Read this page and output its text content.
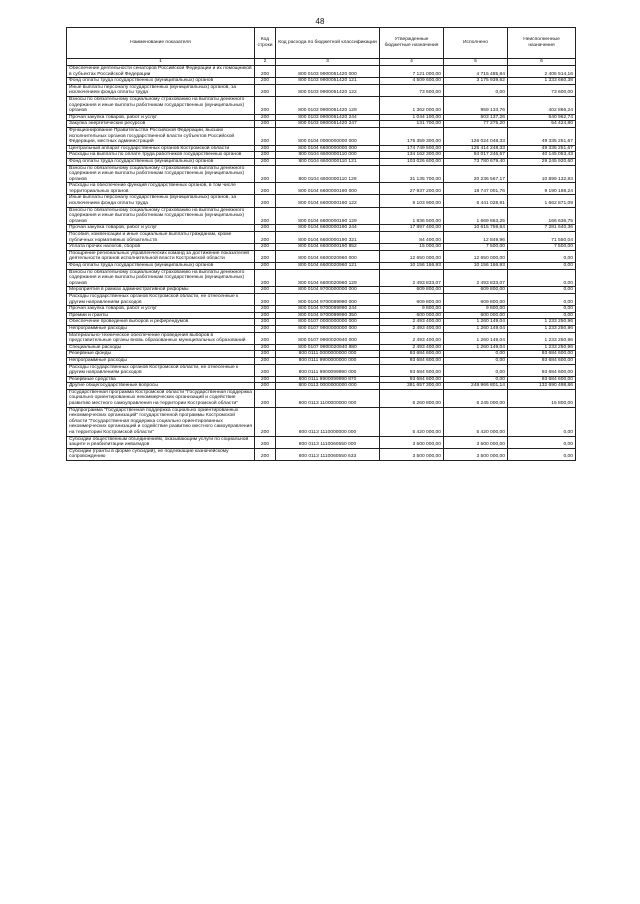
48
Наименование показателя	Код строки	Код расхода по бюджетной классификации	Утвержденные бюджетные назначения	Исполнено	Неисполненные назначения
1	2	3	4	5	6
Обеспечение деятельности сенаторов Российской Федерации и их помощников в субъектах Российской Федерации	200	800 0103 9900051420 000	7 121 000,00	4 715 485,84	2 405 514,16
Фонд оплаты труда государственных (муниципальных) органов	200	800 0103 9900051420 121	4 509 600,00	3 175 939,62	1 333 660,38
Иные выплаты персоналу государственных (муниципальных) органов, за исключением фонда оплаты труда	200	800 0103 9900051420 122	73 600,00	0,00	73 600,00
Взносы по обязательному социальному страхованию на выплаты денежного содержания и иные выплаты работникам государственных (муниципальных) органов	200	800 0103 9900051420 129	1 362 000,00	959 133,76	402 866,24
Прочая закупка товаров, работ и услуг	200	800 0103 9900051420 244	1 044 100,00	503 137,26	540 962,74
Закупка энергетических ресурсов	200	800 0103 9900051420 247	131 700,00	77 275,20	54 424,80
Функционирование Правительства Российской Федерации, высших исполнительных органов государственной власти субъектов Российской Федерации, местных администраций	200	800 0104 0000000000 000	175 359 300,00	126 024 048,33	49 335 251,67
Центральный аппарат государственных органов Костромской области	200	800 0104 6600000000 000	174 749 500,00	125 414 248,33	49 335 251,67
Расходы на выплаты по оплате труда работников государственных органов	200	800 0104 6600000110 000	134 162 300,00	94 017 246,57	40 145 053,43
Фонд оплаты труда государственных (муниципальных) органов	200	800 0104 6600000110 121	103 026 600,00	73 780 679,40	29 245 920,60
Взносы по обязательному социальному страхованию на выплаты денежного содержания и иные выплаты работникам государственных (муниципальных) органов	200	800 0104 6600000110 129	31 135 700,00	20 236 567,17	10 899 132,83
Расходы на обеспечение функций государственных органов, в том числе территориальных органов	200	800 0104 6600000190 000	27 937 200,00	18 747 001,76	9 190 198,24
Иные выплаты персоналу государственных (муниципальных) органов, за исключением фонда оплаты труда	200	800 0104 6600000190 122	9 103 900,00	6 441 028,91	1 662 871,09
Взносы по обязательному социальному страхованию на выплаты денежного содержания и иные выплаты работникам государственных (муниципальных) органов	200	800 0104 6600000190 129	1 836 500,00	1 669 863,25	166 636,75
Прочая закупка товаров, работ и услуг	200	800 0104 6600000190 244	17 897 400,00	10 615 759,64	7 281 640,36
Пособия, компенсации и иные социальные выплаты гражданам, кроме публичных нормативных обязательств	200	800 0104 6600000190 321	84 400,00	12 849,96	71 550,04
Уплата прочих налогов, сборов	200	800 0104 6600000190 852	15 000,00	7 500,00	7 500,00
Поощрение региональных управленческих команд за достижение показателей деятельности органов исполнительной власти Костромской области	200	800 0104 6600020960 000	12 650 000,00	12 650 000,00	0,00
Фонд оплаты труда государственных (муниципальных) органов	200	800 0104 6600020960 121	10 156 166,93	10 156 166,93	0,00
Взносы по обязательному социальному страхованию на выплаты денежного содержания и иные выплаты работникам государственных (муниципальных) органов	200	800 0104 6600020960 129	2 493 833,07	2 493 833,07	0,00
Мероприятия в рамках административной реформы	200	800 0104 9700000000 000	609 800,00	609 800,00	0,00
Расходы государственных органов Костромской области, не отнесенные к другим направлениям расходов	200	800 0104 9700099990 000	609 800,00	609 800,00	0,00
Прочая закупка товаров, работ и услуг	200	800 0104 9700099990 244	9 800,00	9 800,00	0,00
Премии и гранты	200	800 0104 9700099990 350	600 000,00	600 000,00	0,00
Обеспечение проведения выборов и референдумов	200	800 0107 0000000000 000	2 493 400,00	1 260 149,04	1 233 250,96
Непрограммные расходы	200	800 0107 9900000000 000	2 493 400,00	1 260 149,04	1 233 250,96
Материально-техническое обеспечение проведения выборов в представительные органы вновь образованных муниципальных образований	200	800 0107 9900020940 000	2 493 400,00	1 260 149,04	1 233 250,96
Специальные расходы	200	800 0107 9900020940 880	2 493 400,00	1 260 149,04	1 233 250,96
Резервные фонды	200	800 0111 0000000000 000	93 684 600,00	0,00	93 684 600,00
Непрограммные расходы	200	800 0111 9900000000 000	93 684 600,00	0,00	93 684 600,00
Расходы государственных органов Костромской области, не отнесенные к другим направлениям расходов	200	800 0111 9900099990 000	93 684 600,00	0,00	93 684 600,00
Резервные средства	200	800 0111 9900099990 870	93 684 600,00	0,00	93 684 600,00
Другие общегосударственные вопросы	200	800 0113 0000000000 000	381 657 300,00	248 966 801,14	132 690 498,86
Государственная программа Костромской области "Государственная поддержка социально ориентированных некоммерческих организаций и содействие развитию местного самоуправления на территории Костромской области"	200	800 0113 1100000000 000	6 260 800,00	6 245 000,00	15 800,00
Подпрограмма "Государственная поддержка социально ориентированных некоммерческих организаций" государственной программы Костромской области "Государственная поддержка социально ориентированных некоммерческих организаций и содействие развитию местного самоуправления на территории Костромской области"	200	800 0113 1110000000 000	5 420 000,00	5 420 000,00	0,00
Субсидии общественным объединениям, оказывающим услуги по социальной защите и реабилитации инвалидов	200	800 0113 1110060550 000	3 500 000,00	3 500 000,00	0,00
Субсидии (гранты в форме субсидий), не подлежащие казначейскому сопровождению	200	800 0113 1110060550 633	3 500 000,00	3 500 000,00	0,00
